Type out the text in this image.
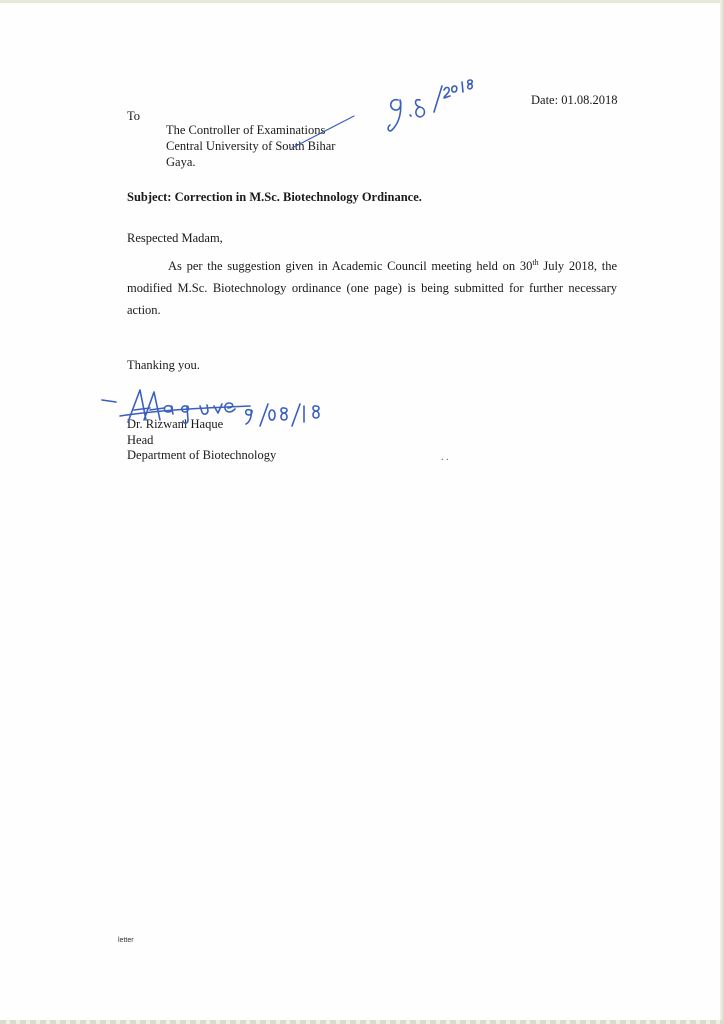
Date: 01.08.2018
To
The Controller of Examinations
Central University of South Bihar
Gaya.
Subject: Correction in M.Sc. Biotechnology Ordinance.
Respected Madam,
As per the suggestion given in Academic Council meeting held on 30th July 2018, the modified M.Sc. Biotechnology ordinance (one page) is being submitted for further necessary action.
Thanking you.
Dr. Rizwanl Haque
Head
Department of Biotechnology	. .
letter
